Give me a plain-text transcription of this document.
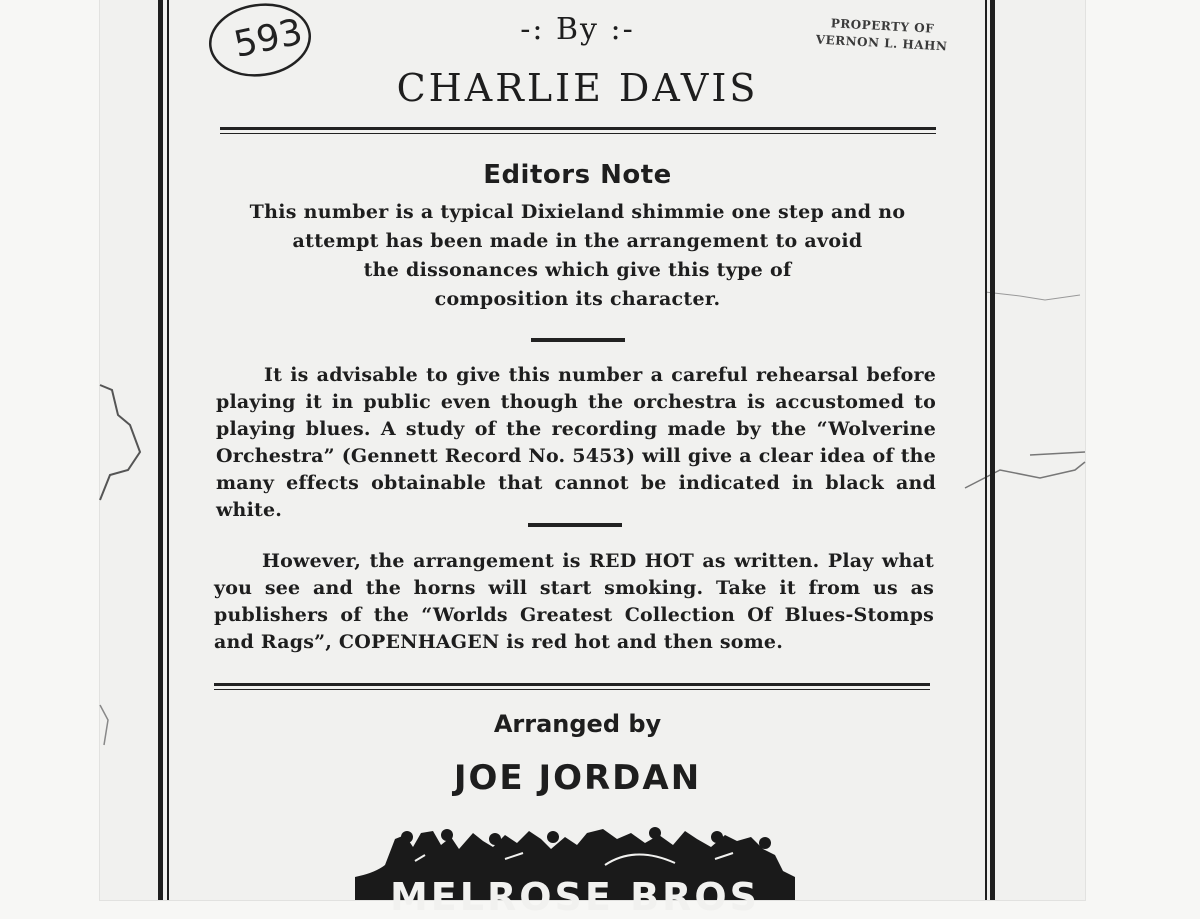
593	PROPERTY OF
VERNON L. HAHN
-: By :-
CHARLIE DAVIS
Editors Note
This number is a typical Dixieland shimmie one step and no
attempt has been made in the arrangement to avoid
the dissonances which give this type of
composition its character.
It is advisable to give this number a careful rehearsal before playing it in public even though the orchestra is accustomed to playing blues. A study of the recording made by the “Wolverine Orchestra” (Gennett Record No. 5453) will give a clear idea of the many effects obtainable that cannot be indicated in black and white.
However, the arrangement is RED HOT as written. Play what you see and the horns will start smoking. Take it from us as publishers of the “Worlds Greatest Collection Of Blues-Stomps and Rags”, COPENHAGEN is red hot and then some.
Arranged by
JOE JORDAN
MELROSE BROS
